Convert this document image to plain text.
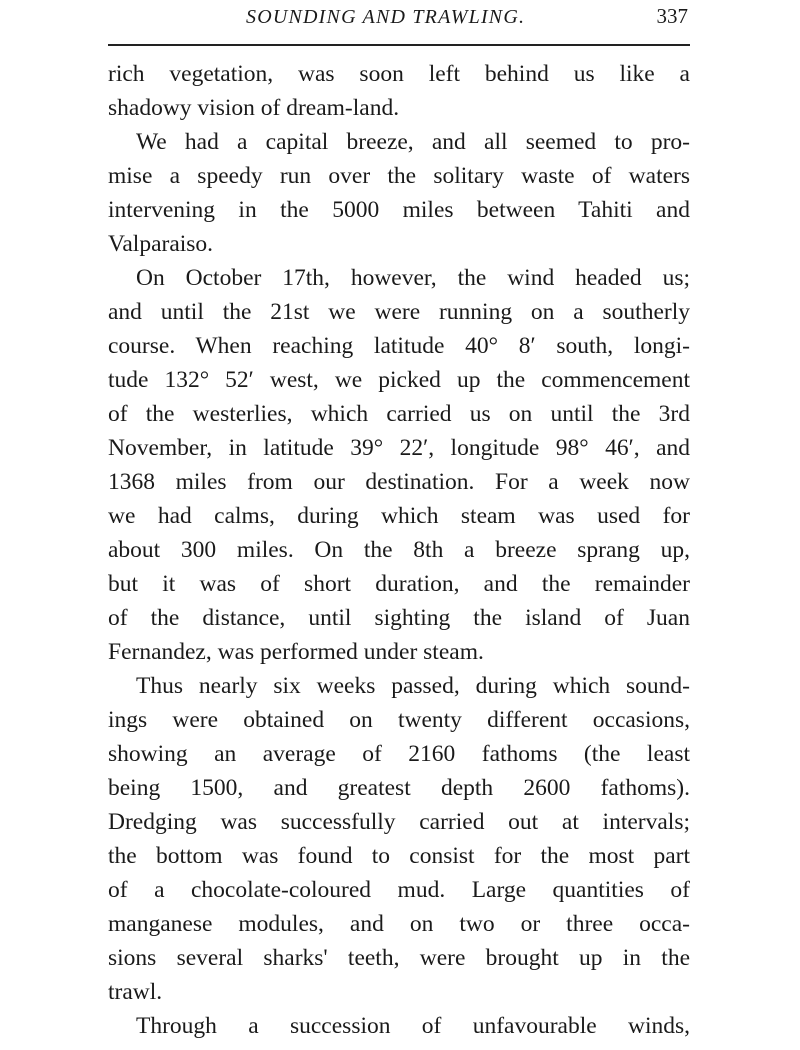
SOUNDING AND TRAWLING.	337
rich vegetation, was soon left behind us like a
shadowy vision of dream-land.
We had a capital breeze, and all seemed to pro-
mise a speedy run over the solitary waste of waters
intervening in the 5000 miles between Tahiti and
Valparaiso.
On October 17th, however, the wind headed us;
and until the 21st we were running on a southerly
course. When reaching latitude 40° 8′ south, longi-
tude 132° 52′ west, we picked up the commencement
of the westerlies, which carried us on until the 3rd
November, in latitude 39° 22′, longitude 98° 46′, and
1368 miles from our destination. For a week now
we had calms, during which steam was used for
about 300 miles. On the 8th a breeze sprang up,
but it was of short duration, and the remainder
of the distance, until sighting the island of Juan
Fernandez, was performed under steam.
Thus nearly six weeks passed, during which sound-
ings were obtained on twenty different occasions,
showing an average of 2160 fathoms (the least
being 1500, and greatest depth 2600 fathoms).
Dredging was successfully carried out at intervals;
the bottom was found to consist for the most part
of a chocolate-coloured mud. Large quantities of
manganese modules, and on two or three occa-
sions several sharks' teeth, were brought up in the
trawl.
Through a succession of unfavourable winds,
